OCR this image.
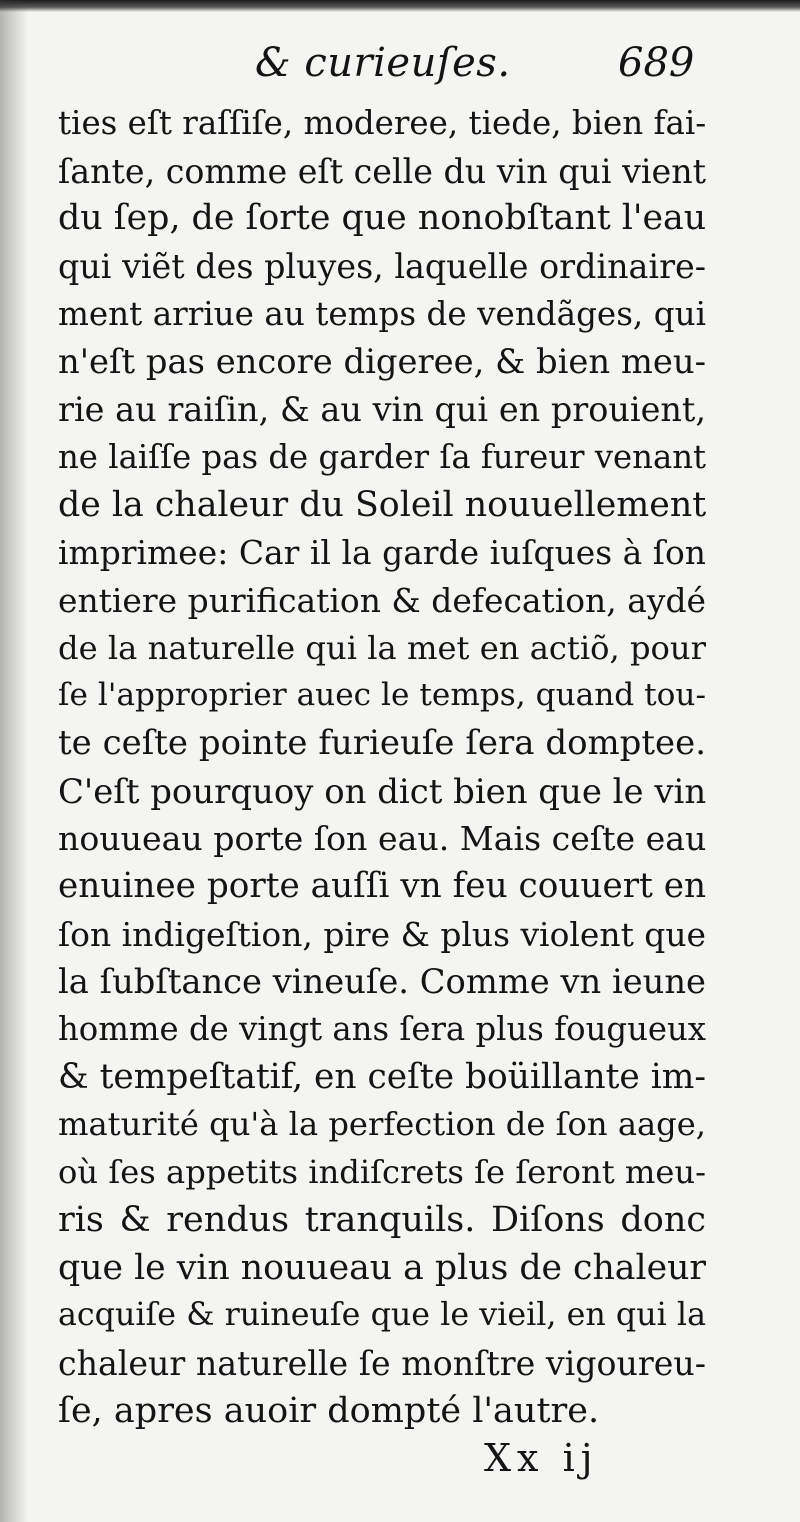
& curieuſes.	689
ties eſt raſſiſe, moderee, tiede, bien fai-
ſante, comme eſt celle du vin qui vient
du ſep, de ſorte que nonobſtant l'eau
qui viẽt des pluyes, laquelle ordinaire-
ment arriue au temps de vendãges, qui
n'eſt pas encore digeree, & bien meu-
rie au raiſin, & au vin qui en prouient,
ne laiſſe pas de garder ſa fureur venant
de la chaleur du Soleil nouuellement
imprimee: Car il la garde iuſques à ſon
entiere purification & defecation, aydé
de la naturelle qui la met en actiõ, pour
ſe l'approprier auec le temps, quand tou-
te ceſte pointe furieuſe ſera domptee.
C'eſt pourquoy on dict bien que le vin
nouueau porte ſon eau. Mais ceſte eau
enuinee porte auſſi vn feu couuert en
ſon indigeſtion, pire & plus violent que
la ſubſtance vineuſe. Comme vn ieune
homme de vingt ans ſera plus fougueux
& tempeſtatif, en ceſte boüillante im-
maturité qu'à la perfection de ſon aage,
où ſes appetits indiſcrets ſe ſeront meu-
ris & rendus tranquils. Diſons donc
que le vin nouueau a plus de chaleur
acquiſe & ruineuſe que le vieil, en qui la
chaleur naturelle ſe monſtre vigoureu-
ſe, apres auoir dompté l'autre.
Xx ij
